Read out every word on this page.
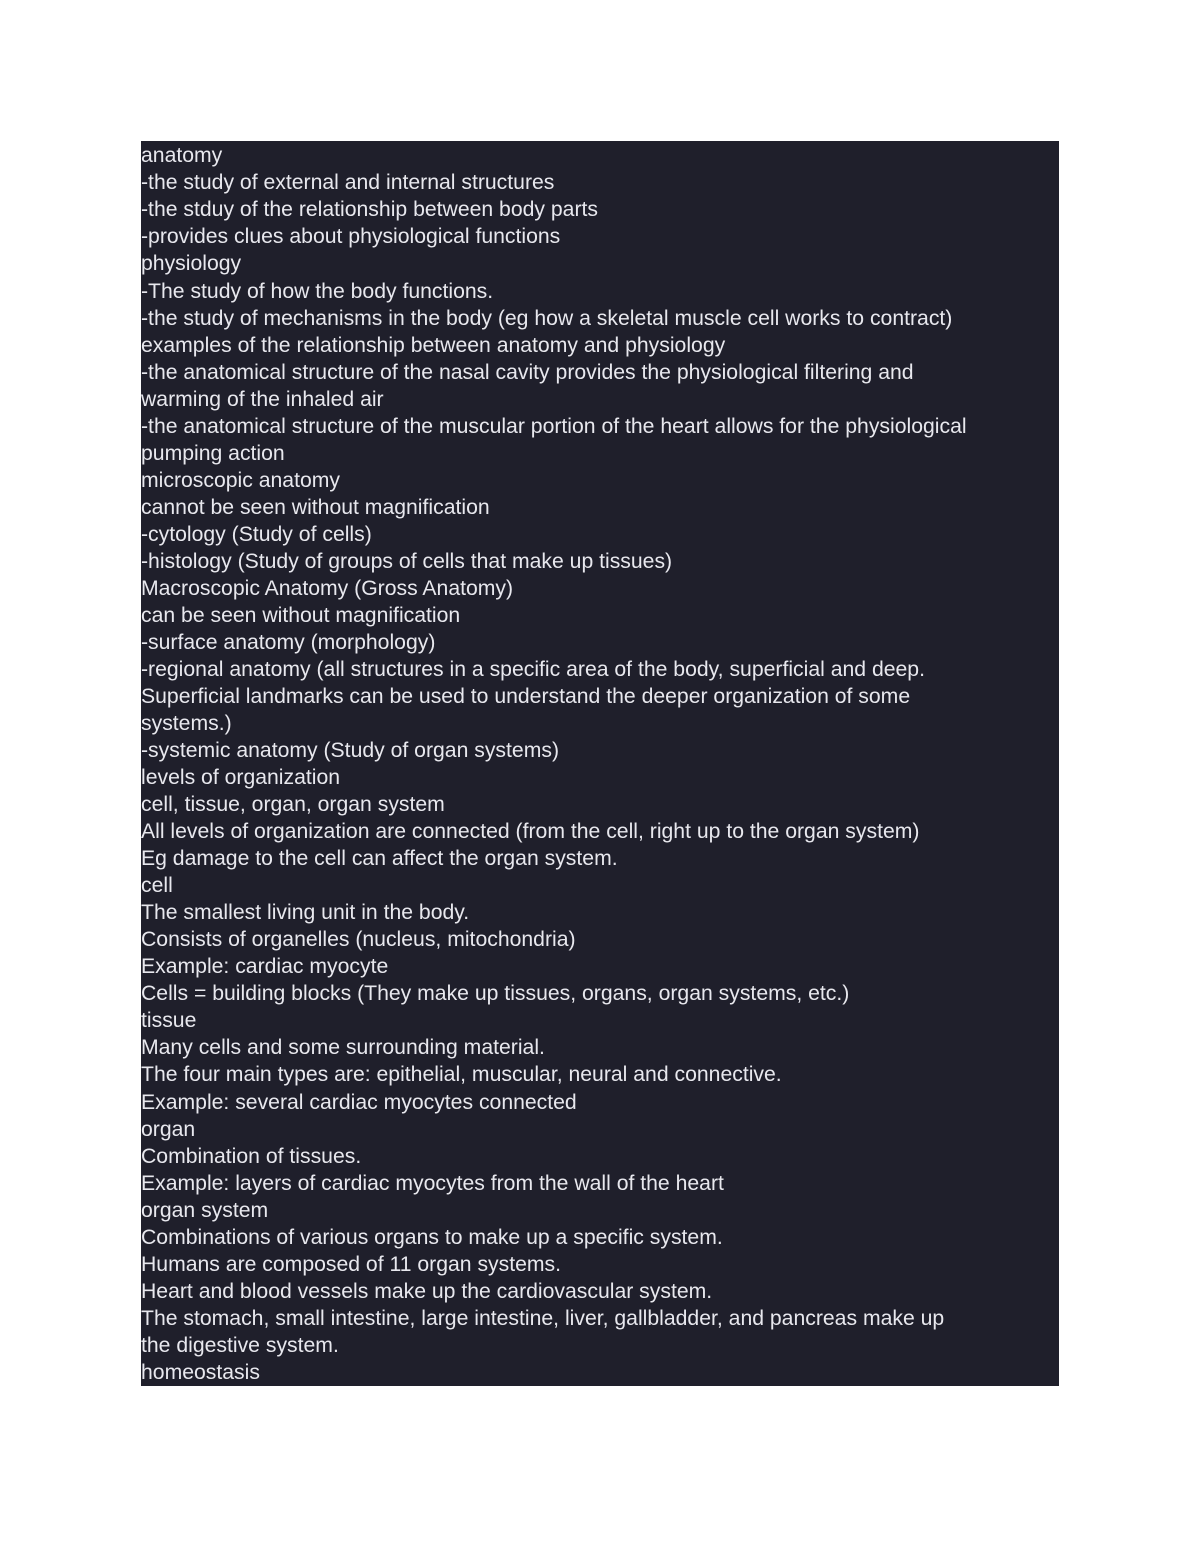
anatomy
-the study of external and internal structures
-the stduy of the relationship between body parts
-provides clues about physiological functions
physiology
-The study of how the body functions.
-the study of mechanisms in the body (eg how a skeletal muscle cell works to contract)
examples of the relationship between anatomy and physiology
-the anatomical structure of the nasal cavity provides the physiological filtering and
warming of the inhaled air
-the anatomical structure of the muscular portion of the heart allows for the physiological
pumping action
microscopic anatomy
cannot be seen without magnification
-cytology (Study of cells)
-histology (Study of groups of cells that make up tissues)
Macroscopic Anatomy (Gross Anatomy)
can be seen without magnification
-surface anatomy (morphology)
-regional anatomy (all structures in a specific area of the body, superficial and deep.
Superficial landmarks can be used to understand the deeper organization of some
systems.)
-systemic anatomy (Study of organ systems)
levels of organization
cell, tissue, organ, organ system
All levels of organization are connected (from the cell, right up to the organ system)
Eg damage to the cell can affect the organ system.
cell
The smallest living unit in the body.
Consists of organelles (nucleus, mitochondria)
Example: cardiac myocyte
Cells = building blocks (They make up tissues, organs, organ systems, etc.)
tissue
Many cells and some surrounding material.
The four main types are: epithelial, muscular, neural and connective.
Example: several cardiac myocytes connected
organ
Combination of tissues.
Example: layers of cardiac myocytes from the wall of the heart
organ system
Combinations of various organs to make up a specific system.
Humans are composed of 11 organ systems.
Heart and blood vessels make up the cardiovascular system.
The stomach, small intestine, large intestine, liver, gallbladder, and pancreas make up
the digestive system.
homeostasis
